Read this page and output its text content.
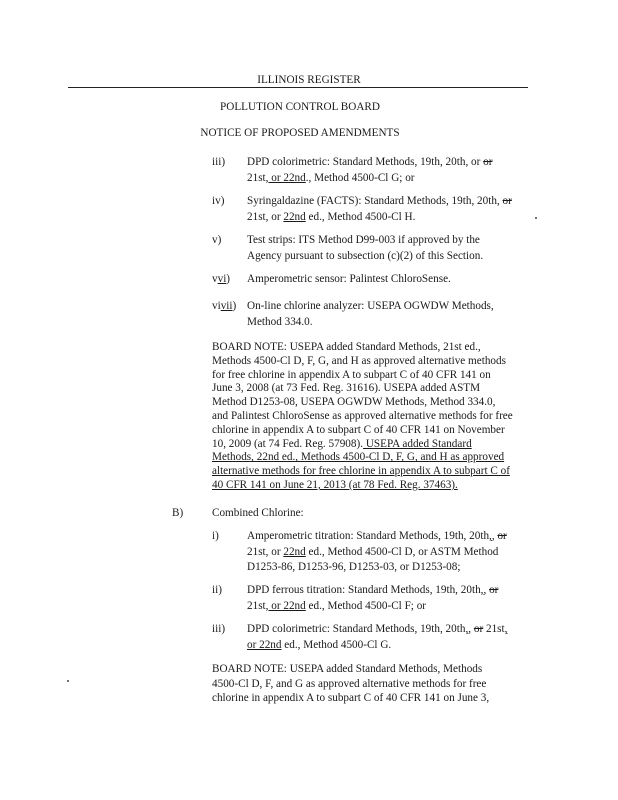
ILLINOIS REGISTER
POLLUTION CONTROL BOARD
NOTICE OF PROPOSED AMENDMENTS
iii) DPD colorimetric: Standard Methods, 19th, 20th, or or
21st, or 22nd., Method 4500-Cl G; or
iv) Syringaldazine (FACTS): Standard Methods, 19th, 20th, or
21st, or 22nd ed., Method 4500-Cl H.
v) Test strips: ITS Method D99-003 if approved by the
Agency pursuant to subsection (c)(2) of this Section.
vvi) Amperometric sensor: Palintest ChloroSense.
vivii) On-line chlorine analyzer: USEPA OGWDW Methods,
Method 334.0.
BOARD NOTE: USEPA added Standard Methods, 21st ed.,
Methods 4500-Cl D, F, G, and H as approved alternative methods
for free chlorine in appendix A to subpart C of 40 CFR 141 on
June 3, 2008 (at 73 Fed. Reg. 31616). USEPA added ASTM
Method D1253-08, USEPA OGWDW Methods, Method 334.0,
and Palintest ChloroSense as approved alternative methods for free
chlorine in appendix A to subpart C of 40 CFR 141 on November
10, 2009 (at 74 Fed. Reg. 57908). USEPA added Standard
Methods, 22nd ed., Methods 4500-Cl D, F, G, and H as approved
alternative methods for free chlorine in appendix A to subpart C of
40 CFR 141 on June 21, 2013 (at 78 Fed. Reg. 37463).
B)	Combined Chlorine:
i)	Amperometric titration: Standard Methods, 19th, 20th,, or
21st, or 22nd ed., Method 4500-Cl D, or ASTM Method
D1253-86, D1253-96, D1253-03, or D1253-08;
ii) DPD ferrous titration: Standard Methods, 19th, 20th,, or
21st, or 22nd ed., Method 4500-Cl F; or
iii) DPD colorimetric: Standard Methods, 19th, 20th,, or 21st,
or 22nd ed., Method 4500-Cl G.
BOARD NOTE: USEPA added Standard Methods, Methods
4500-Cl D, F, and G as approved alternative methods for free
chlorine in appendix A to subpart C of 40 CFR 141 on June 3,
